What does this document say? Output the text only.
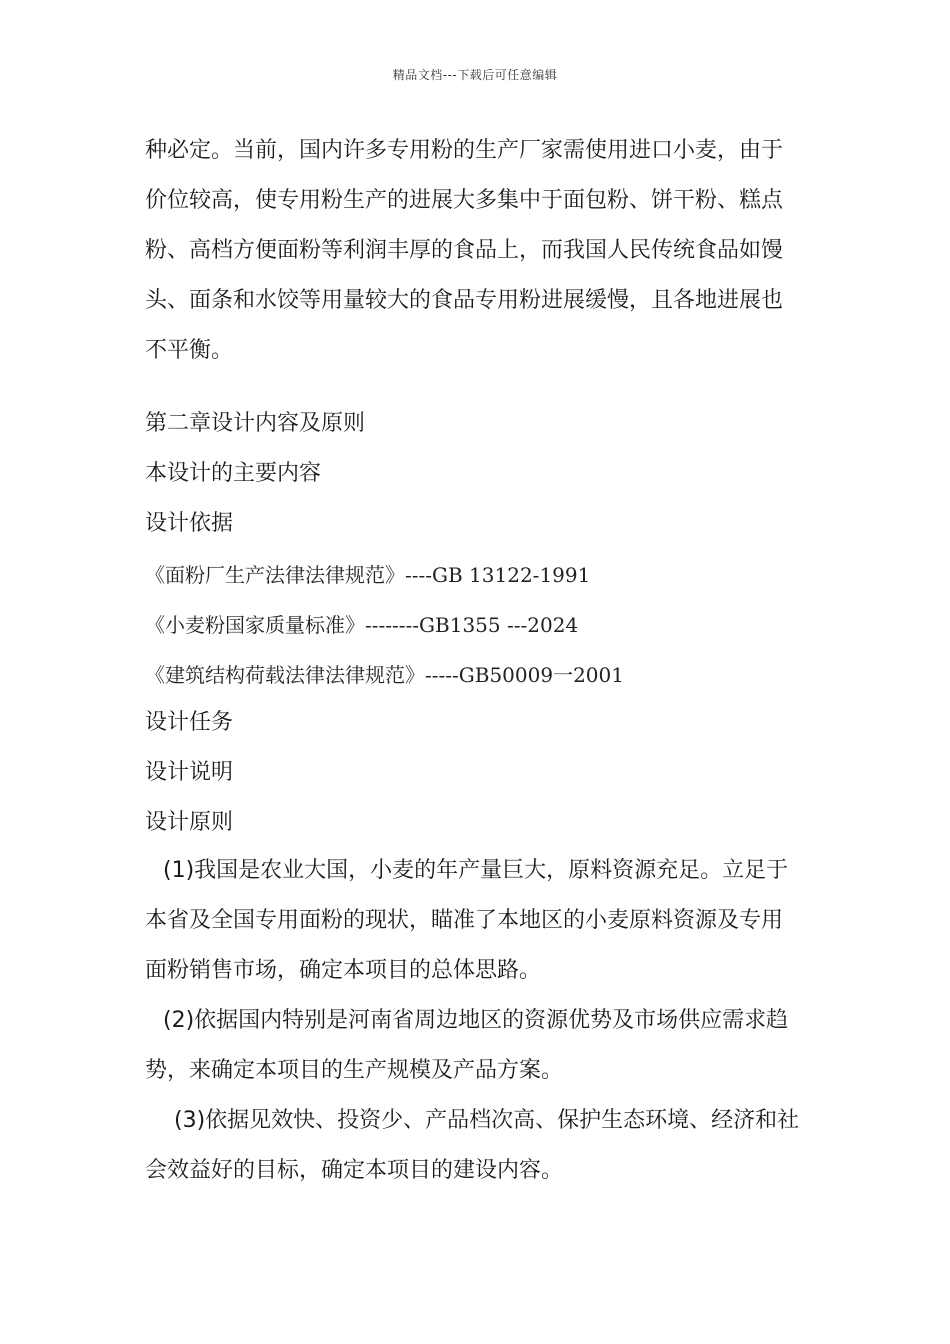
精品文档---下载后可任意编辑
种必定。当前，国内许多专用粉的生产厂家需使用进口小麦，由于
价位较高，使专用粉生产的进展大多集中于面包粉、饼干粉、糕点
粉、高档方便面粉等利润丰厚的食品上，而我国人民传统食品如馒
头、面条和水饺等用量较大的食品专用粉进展缓慢，且各地进展也
不平衡。
第二章设计内容及原则
本设计的主要内容
设计依据
《面粉厂生产法律法律规范》----GB 13122-1991
《小麦粉国家质量标准》--------GB1355 ---2024
《建筑结构荷载法律法律规范》-----GB50009一2001
设计任务
设计说明
设计原则
(1)我国是农业大国，小麦的年产量巨大，原料资源充足。立足于
本省及全国专用面粉的现状，瞄准了本地区的小麦原料资源及专用
面粉销售市场，确定本项目的总体思路。
(2)依据国内特别是河南省周边地区的资源优势及市场供应需求趋
势，来确定本项目的生产规模及产品方案。
(3)依据见效快、投资少、产品档次高、保护生态环境、经济和社
会效益好的目标，确定本项目的建设内容。
